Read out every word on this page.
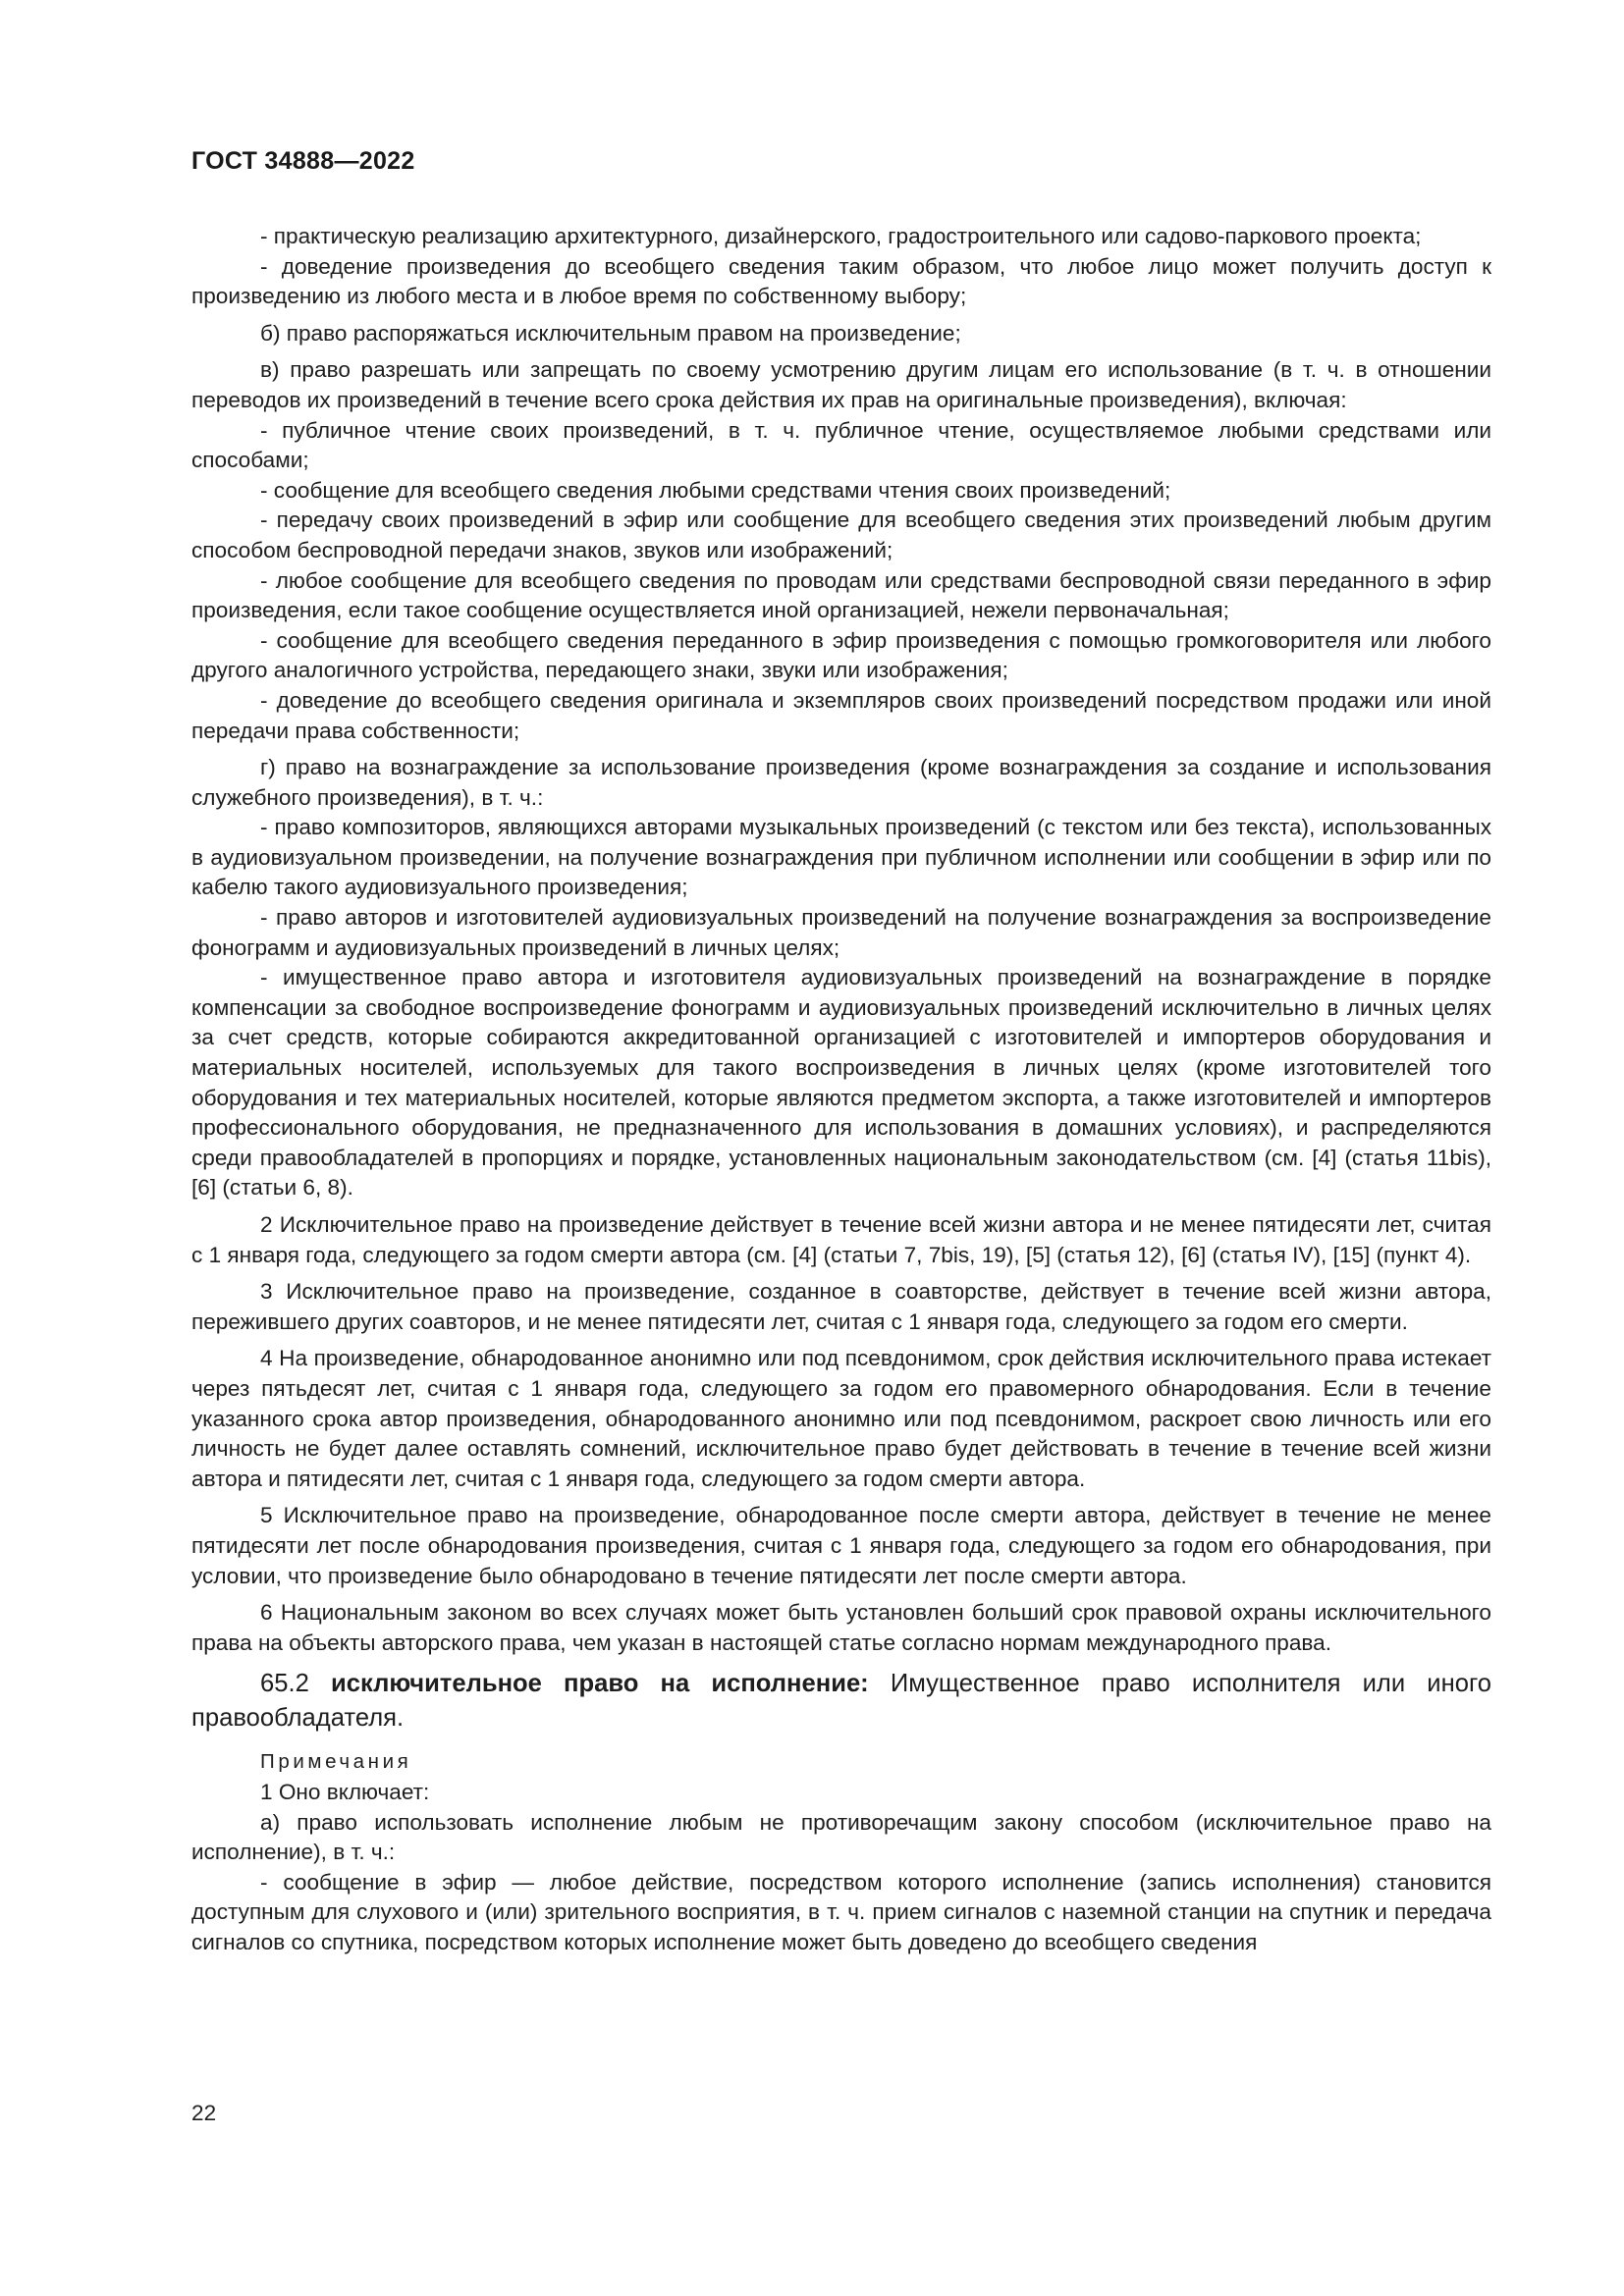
ГОСТ 34888—2022

- практическую реализацию архитектурного, дизайнерского, градостроительного или садово-паркового проекта;

- доведение произведения до всеобщего сведения таким образом, что любое лицо может получить доступ к произведению из любого места и в любое время по собственному выбору;

б) право распоряжаться исключительным правом на произведение;

в) право разрешать или запрещать по своему усмотрению другим лицам его использование (в т. ч. в отношении переводов их произведений в течение всего срока действия их прав на оригинальные произведения), включая:

- публичное чтение своих произведений, в т. ч. публичное чтение, осуществляемое любыми средствами или способами;

- сообщение для всеобщего сведения любыми средствами чтения своих произведений;

- передачу своих произведений в эфир или сообщение для всеобщего сведения этих произведений любым другим способом беспроводной передачи знаков, звуков или изображений;

- любое сообщение для всеобщего сведения по проводам или средствами беспроводной связи переданного в эфир произведения, если такое сообщение осуществляется иной организацией, нежели первоначальная;

- сообщение для всеобщего сведения переданного в эфир произведения с помощью громкоговорителя или любого другого аналогичного устройства, передающего знаки, звуки или изображения;

- доведение до всеобщего сведения оригинала и экземпляров своих произведений посредством продажи или иной передачи права собственности;

г) право на вознаграждение за использование произведения (кроме вознаграждения за создание и использования служебного произведения), в т. ч.:

- право композиторов, являющихся авторами музыкальных произведений (с текстом или без текста), использованных в аудиовизуальном произведении, на получение вознаграждения при публичном исполнении или сообщении в эфир или по кабелю такого аудиовизуального произведения;

- право авторов и изготовителей аудиовизуальных произведений на получение вознаграждения за воспроизведение фонограмм и аудиовизуальных произведений в личных целях;

- имущественное право автора и изготовителя аудиовизуальных произведений на вознаграждение в порядке компенсации за свободное воспроизведение фонограмм и аудиовизуальных произведений исключительно в личных целях за счет средств, которые собираются аккредитованной организацией с изготовителей и импортеров оборудования и материальных носителей, используемых для такого воспроизведения в личных целях (кроме изготовителей того оборудования и тех материальных носителей, которые являются предметом экспорта, а также изготовителей и импортеров профессионального оборудования, не предназначенного для использования в домашних условиях), и распределяются среди правообладателей в пропорциях и порядке, установленных национальным законодательством (см. [4] (статья 11bis), [6] (статьи 6, 8).

2 Исключительное право на произведение действует в течение всей жизни автора и не менее пятидесяти лет, считая с 1 января года, следующего за годом смерти автора (см. [4] (статьи 7, 7bis, 19), [5] (статья 12), [6] (статья IV), [15] (пункт 4).

3 Исключительное право на произведение, созданное в соавторстве, действует в течение всей жизни автора, пережившего других соавторов, и не менее пятидесяти лет, считая с 1 января года, следующего за годом его смерти.

4 На произведение, обнародованное анонимно или под псевдонимом, срок действия исключительного права истекает через пятьдесят лет, считая с 1 января года, следующего за годом его правомерного обнародования. Если в течение указанного срока автор произведения, обнародованного анонимно или под псевдонимом, раскроет свою личность или его личность не будет далее оставлять сомнений, исключительное право будет действовать в течение в течение всей жизни автора и пятидесяти лет, считая с 1 января года, следующего за годом смерти автора.

5 Исключительное право на произведение, обнародованное после смерти автора, действует в течение не менее пятидесяти лет после обнародования произведения, считая с 1 января года, следующего за годом его обнародования, при условии, что произведение было обнародовано в течение пятидесяти лет после смерти автора.

6 Национальным законом во всех случаях может быть установлен больший срок правовой охраны исключительного права на объекты авторского права, чем указан в настоящей статье согласно нормам международного права.

65.2 исключительное право на исполнение: Имущественное право исполнителя или иного правообладателя.

Примечания

1 Оно включает:

а) право использовать исполнение любым не противоречащим закону способом (исключительное право на исполнение), в т. ч.:

- сообщение в эфир — любое действие, посредством которого исполнение (запись исполнения) становится доступным для слухового и (или) зрительного восприятия, в т. ч. прием сигналов с наземной станции на спутник и передача сигналов со спутника, посредством которых исполнение может быть доведено до всеобщего сведения

22
